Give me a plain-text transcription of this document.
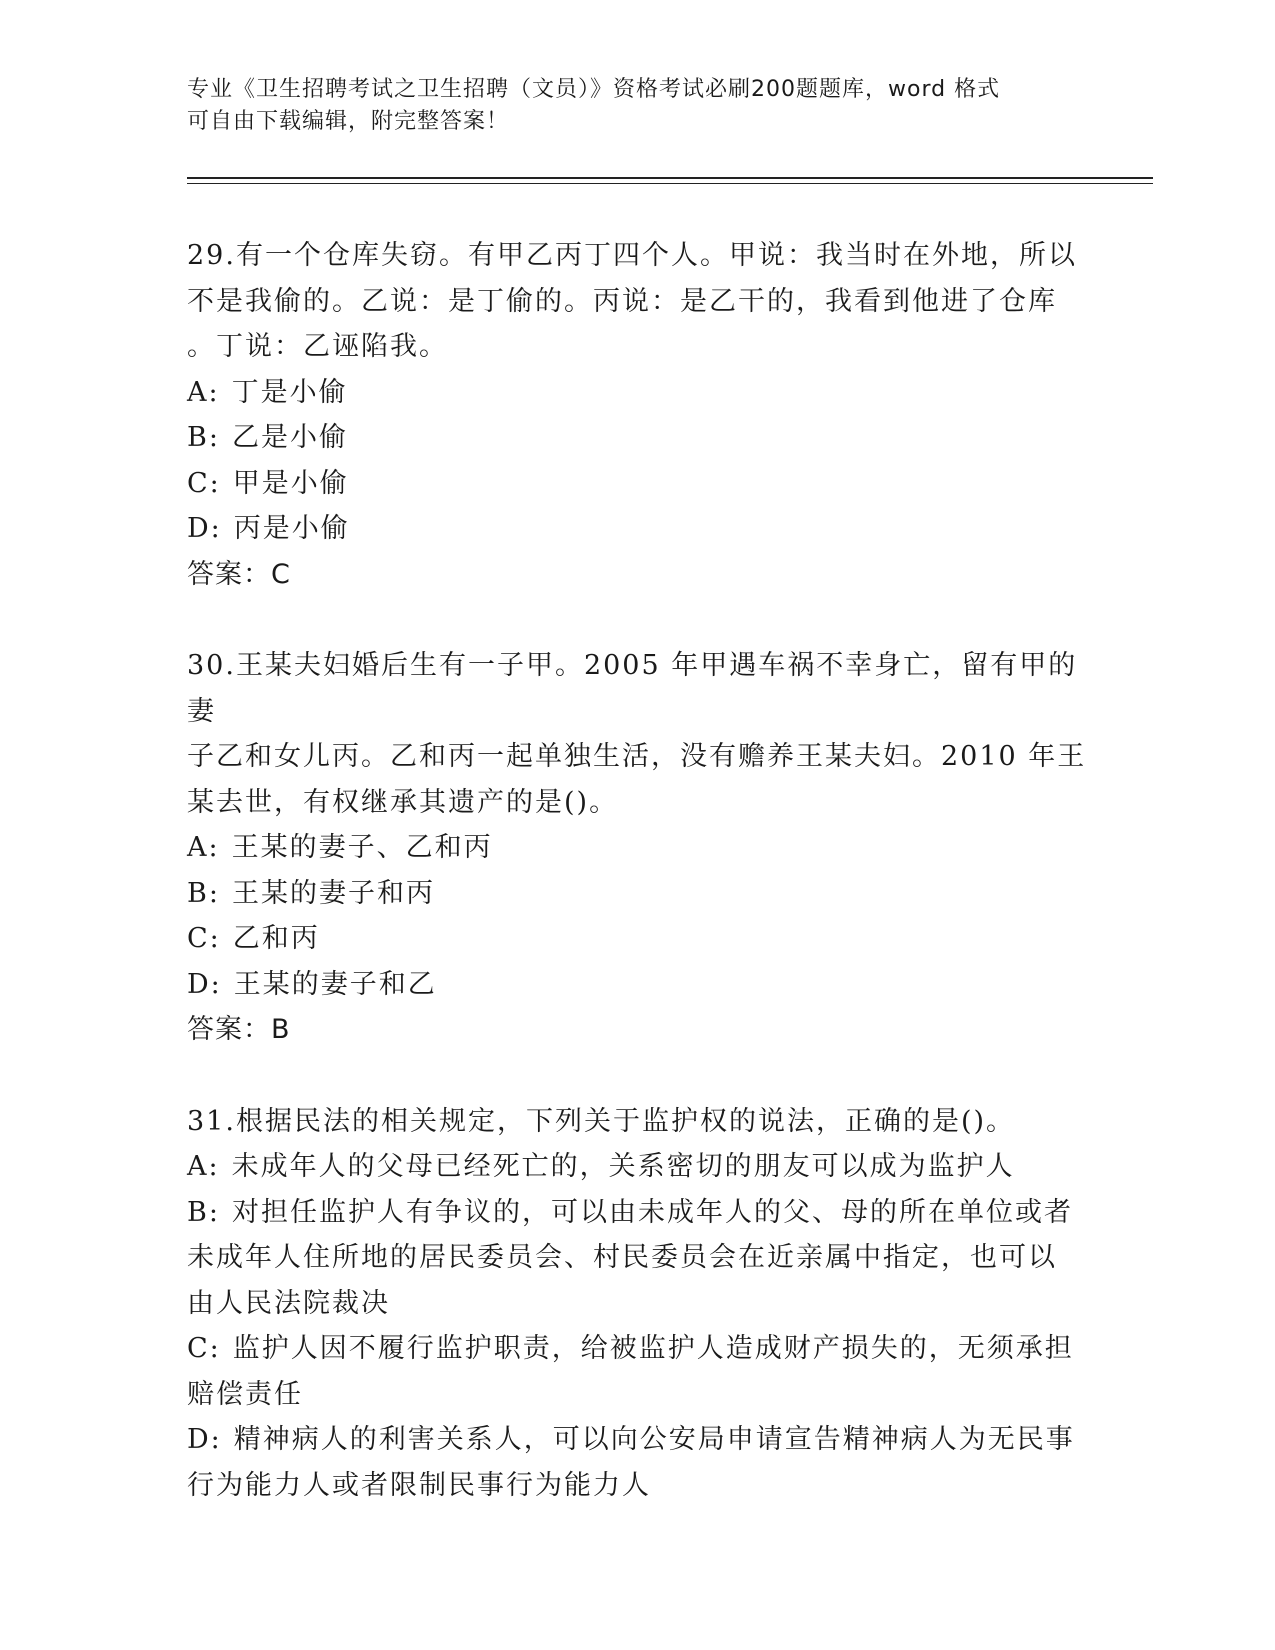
专业《卫生招聘考试之卫生招聘（文员）》资格考试必刷200题题库，word 格式
可自由下载编辑，附完整答案！
29.有一个仓库失窃。有甲乙丙丁四个人。甲说：我当时在外地，所以
不是我偷的。乙说：是丁偷的。丙说：是乙干的，我看到他进了仓库
。丁说：乙诬陷我。
A: 丁是小偷
B: 乙是小偷
C: 甲是小偷
D: 丙是小偷
答案：C
30.王某夫妇婚后生有一子甲。2005 年甲遇车祸不幸身亡，留有甲的妻
子乙和女儿丙。乙和丙一起单独生活，没有赡养王某夫妇。2010 年王
某去世，有权继承其遗产的是()。
A: 王某的妻子、乙和丙
B: 王某的妻子和丙
C: 乙和丙
D: 王某的妻子和乙
答案：B
31.根据民法的相关规定，下列关于监护权的说法，正确的是()。
A: 未成年人的父母已经死亡的，关系密切的朋友可以成为监护人
B: 对担任监护人有争议的，可以由未成年人的父、母的所在单位或者
未成年人住所地的居民委员会、村民委员会在近亲属中指定，也可以
由人民法院裁决
C: 监护人因不履行监护职责，给被监护人造成财产损失的，无须承担
赔偿责任
D: 精神病人的利害关系人，可以向公安局申请宣告精神病人为无民事
行为能力人或者限制民事行为能力人
